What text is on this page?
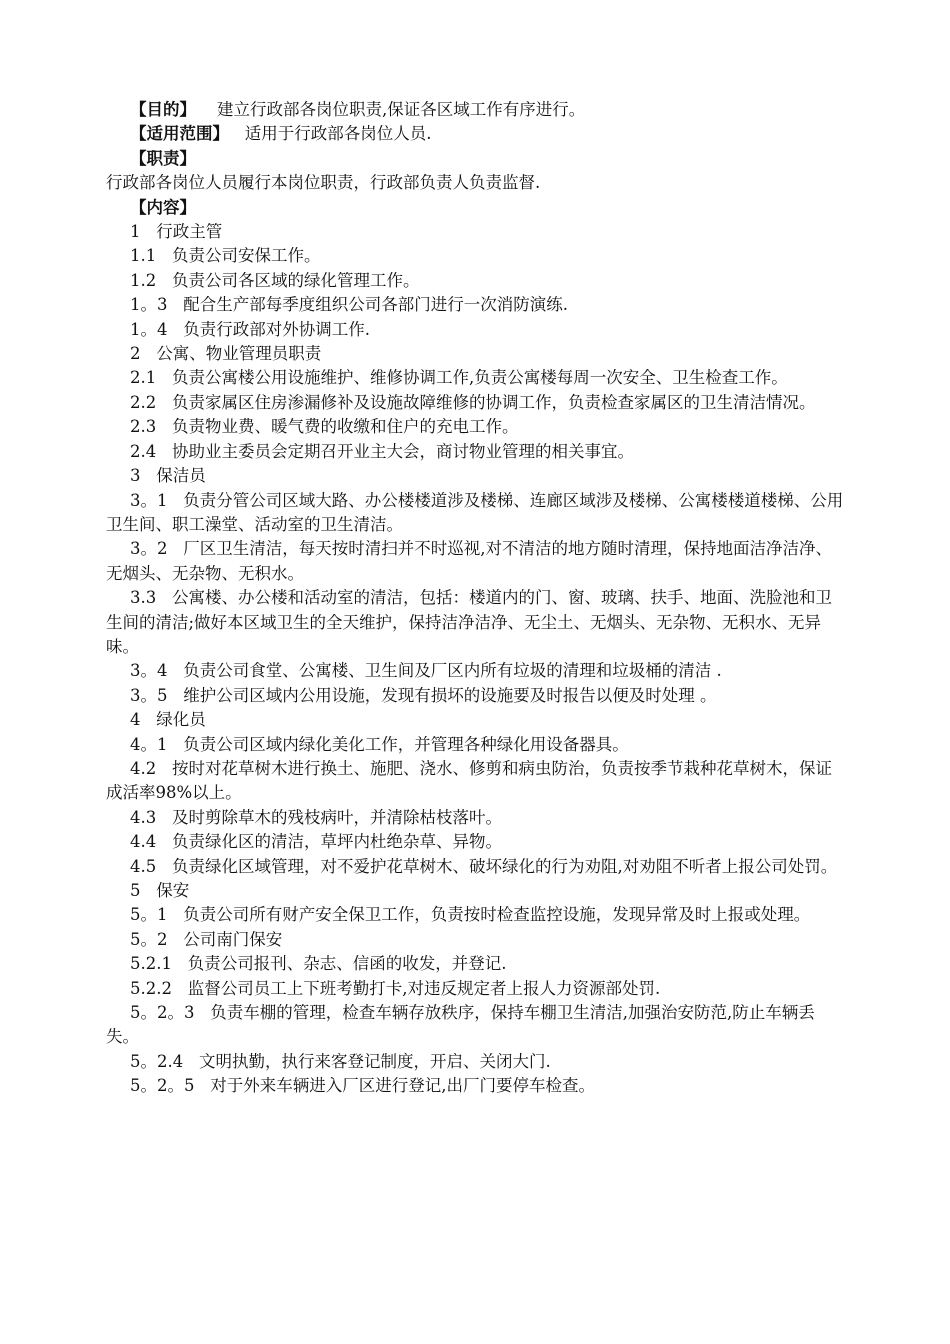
【目的】 建立行政部各岗位职责,保证各区域工作有序进行。

【适用范围】 适用于行政部各岗位人员.

【职责】

行政部各岗位人员履行本岗位职责，行政部负责人负责监督.

【内容】

1   行政主管

1.1   负责公司安保工作。

1.2   负责公司各区域的绿化管理工作。

1。3   配合生产部每季度组织公司各部门进行一次消防演练.

1。4   负责行政部对外协调工作.

2   公寓、物业管理员职责

2.1   负责公寓楼公用设施维护、维修协调工作,负责公寓楼每周一次安全、卫生检查工作。

2.2   负责家属区住房渗漏修补及设施故障维修的协调工作，负责检查家属区的卫生清洁情况。

2.3   负责物业费、暖气费的收缴和住户的充电工作。

2.4   协助业主委员会定期召开业主大会，商讨物业管理的相关事宜。

3   保洁员

3。1   负责分管公司区域大路、办公楼楼道涉及楼梯、连廊区域涉及楼梯、公寓楼楼道楼梯、公用卫生间、职工澡堂、活动室的卫生清洁。

3。2   厂区卫生清洁，每天按时清扫并不时巡视,对不清洁的地方随时清理，保持地面洁净洁净、无烟头、无杂物、无积水。

3.3   公寓楼、办公楼和活动室的清洁，包括：楼道内的门、窗、玻璃、扶手、地面、洗脸池和卫生间的清洁;做好本区域卫生的全天维护，保持洁净洁净、无尘土、无烟头、无杂物、无积水、无异味。

3。4   负责公司食堂、公寓楼、卫生间及厂区内所有垃圾的清理和垃圾桶的清洁 .

3。5   维护公司区域内公用设施，发现有损坏的设施要及时报告以便及时处理 。

4   绿化员

4。1   负责公司区域内绿化美化工作，并管理各种绿化用设备器具。

4.2   按时对花草树木进行换土、施肥、浇水、修剪和病虫防治，负责按季节栽种花草树木，保证成活率98%以上。

4.3   及时剪除草木的残枝病叶，并清除枯枝落叶。

4.4   负责绿化区的清洁，草坪内杜绝杂草、异物。

4.5   负责绿化区域管理，对不爱护花草树木、破坏绿化的行为劝阻,对劝阻不听者上报公司处罚。

5   保安

5。1   负责公司所有财产安全保卫工作，负责按时检查监控设施，发现异常及时上报或处理。

5。2   公司南门保安

5.2.1   负责公司报刊、杂志、信函的收发，并登记.

5.2.2   监督公司员工上下班考勤打卡,对违反规定者上报人力资源部处罚.

5。2。3   负责车棚的管理，检查车辆存放秩序，保持车棚卫生清洁,加强治安防范,防止车辆丢失。

5。2.4   文明执勤，执行来客登记制度，开启、关闭大门.

5。2。5   对于外来车辆进入厂区进行登记,出厂门要停车检查。
